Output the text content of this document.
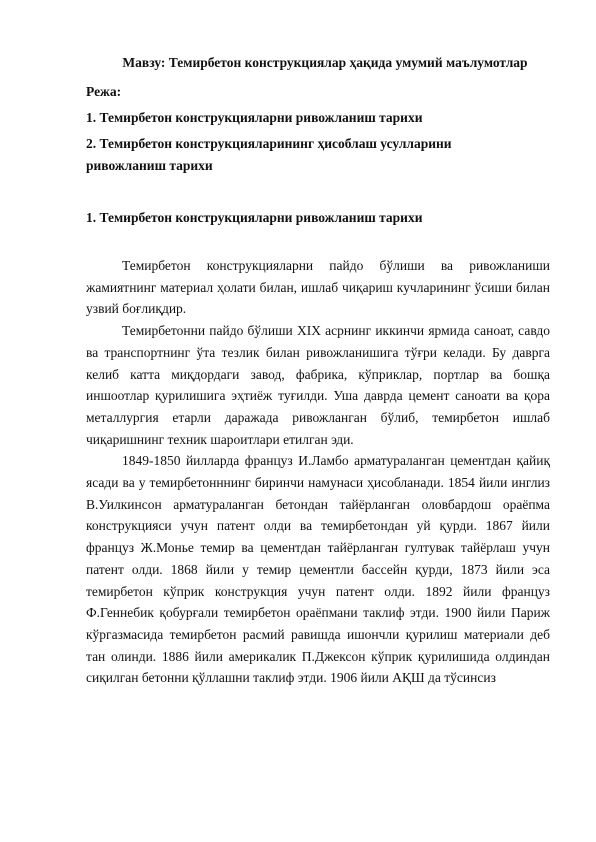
Мавзу: Темирбетон конструкциялар ҳақида умумий маълумотлар
Режа:
1. Темирбетон конструкцияларни ривожланиш тарихи
2. Темирбетон конструкцияларининг ҳисоблаш усулларини
ривожланиш тарихи
1. Темирбетон конструкцияларни ривожланиш тарихи

Темирбетон конструкцияларни пайдо бўлиши ва ривожланиши жамиятнинг материал ҳолати билан, ишлаб чиқариш кучларининг ўсиши билан узвий боғлиқдир.

Темирбетонни пайдо бўлиши XIX асрнинг иккинчи ярмида саноат, савдо ва транспортнинг ўта тезлик билан ривожланишига тўғри келади. Бу даврга келиб катта миқдордаги завод, фабрика, кўприклар, портлар ва бошқа иншоотлар қурилишига эҳтиёж туғилди. Уша даврда цемент саноати ва қора металлургия етарли даражада ривожланган бўлиб, темирбетон ишлаб чиқаришнинг техник шароитлари етилган эди.

1849-1850 йилларда француз И.Ламбо арматураланган цементдан қайиқ ясади ва у темирбетонннинг биринчи намунаси ҳисобланади. 1854 йили инглиз В.Уилкинсон арматураланган бетондан тайёрланган оловбардош ораёпма конструкцияси учун патент олди ва темирбетондан уй қурди. 1867 йили француз Ж.Монье темир ва цементдан тайёрланган гултувак тайёрлаш учун патент олди. 1868 йили у темир цементли бассейн қурди, 1873 йили эса темирбетон кўприк конструкция учун патент олди. 1892 йили француз Ф.Геннебик қобурғали темирбетон ораёпмани таклиф этди. 1900 йили Париж кўргазмасида темирбетон расмий равишда ишончли қурилиш материали деб тан олинди. 1886 йили америкалик П.Джексон кўприк қурилишида олдиндан сиқилган бетонни қўллашни таклиф этди. 1906 йили АҚШ да тўсинсиз
